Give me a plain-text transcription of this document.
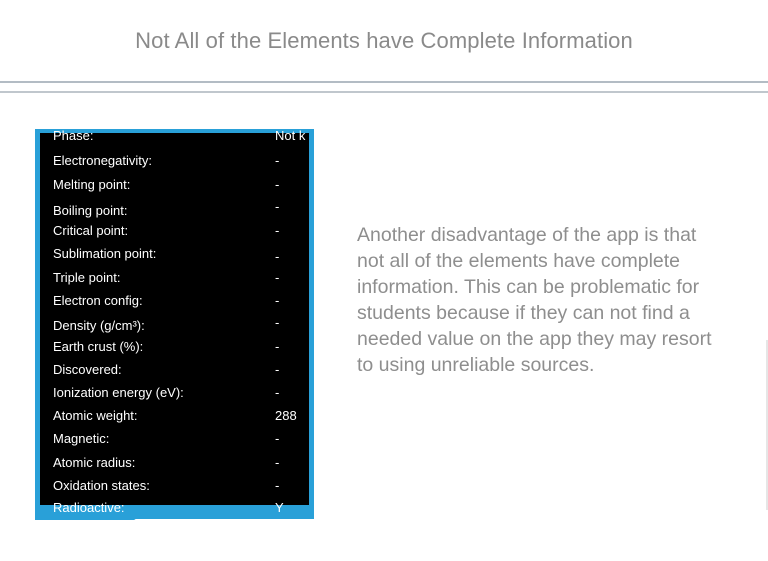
Not All of the Elements have Complete Information
Phase:	Not k
Electronegativity:	-
Melting point:	-
Boiling point:	-
Critical point:	-
Sublimation point:	-
Triple point:	-
Electron config:	-
Density (g/cm³):	-
Earth crust (%):	-
Discovered:	-
Ionization energy (eV):	-
Atomic weight:	288
Magnetic:	-
Atomic radius:	-
Oxidation states:	-
Radioactive:	Y
Another disadvantage of the app is that not all of the elements have complete information. This can be problematic for students because if they can not find a needed value on the app they may resort to using unreliable sources.
